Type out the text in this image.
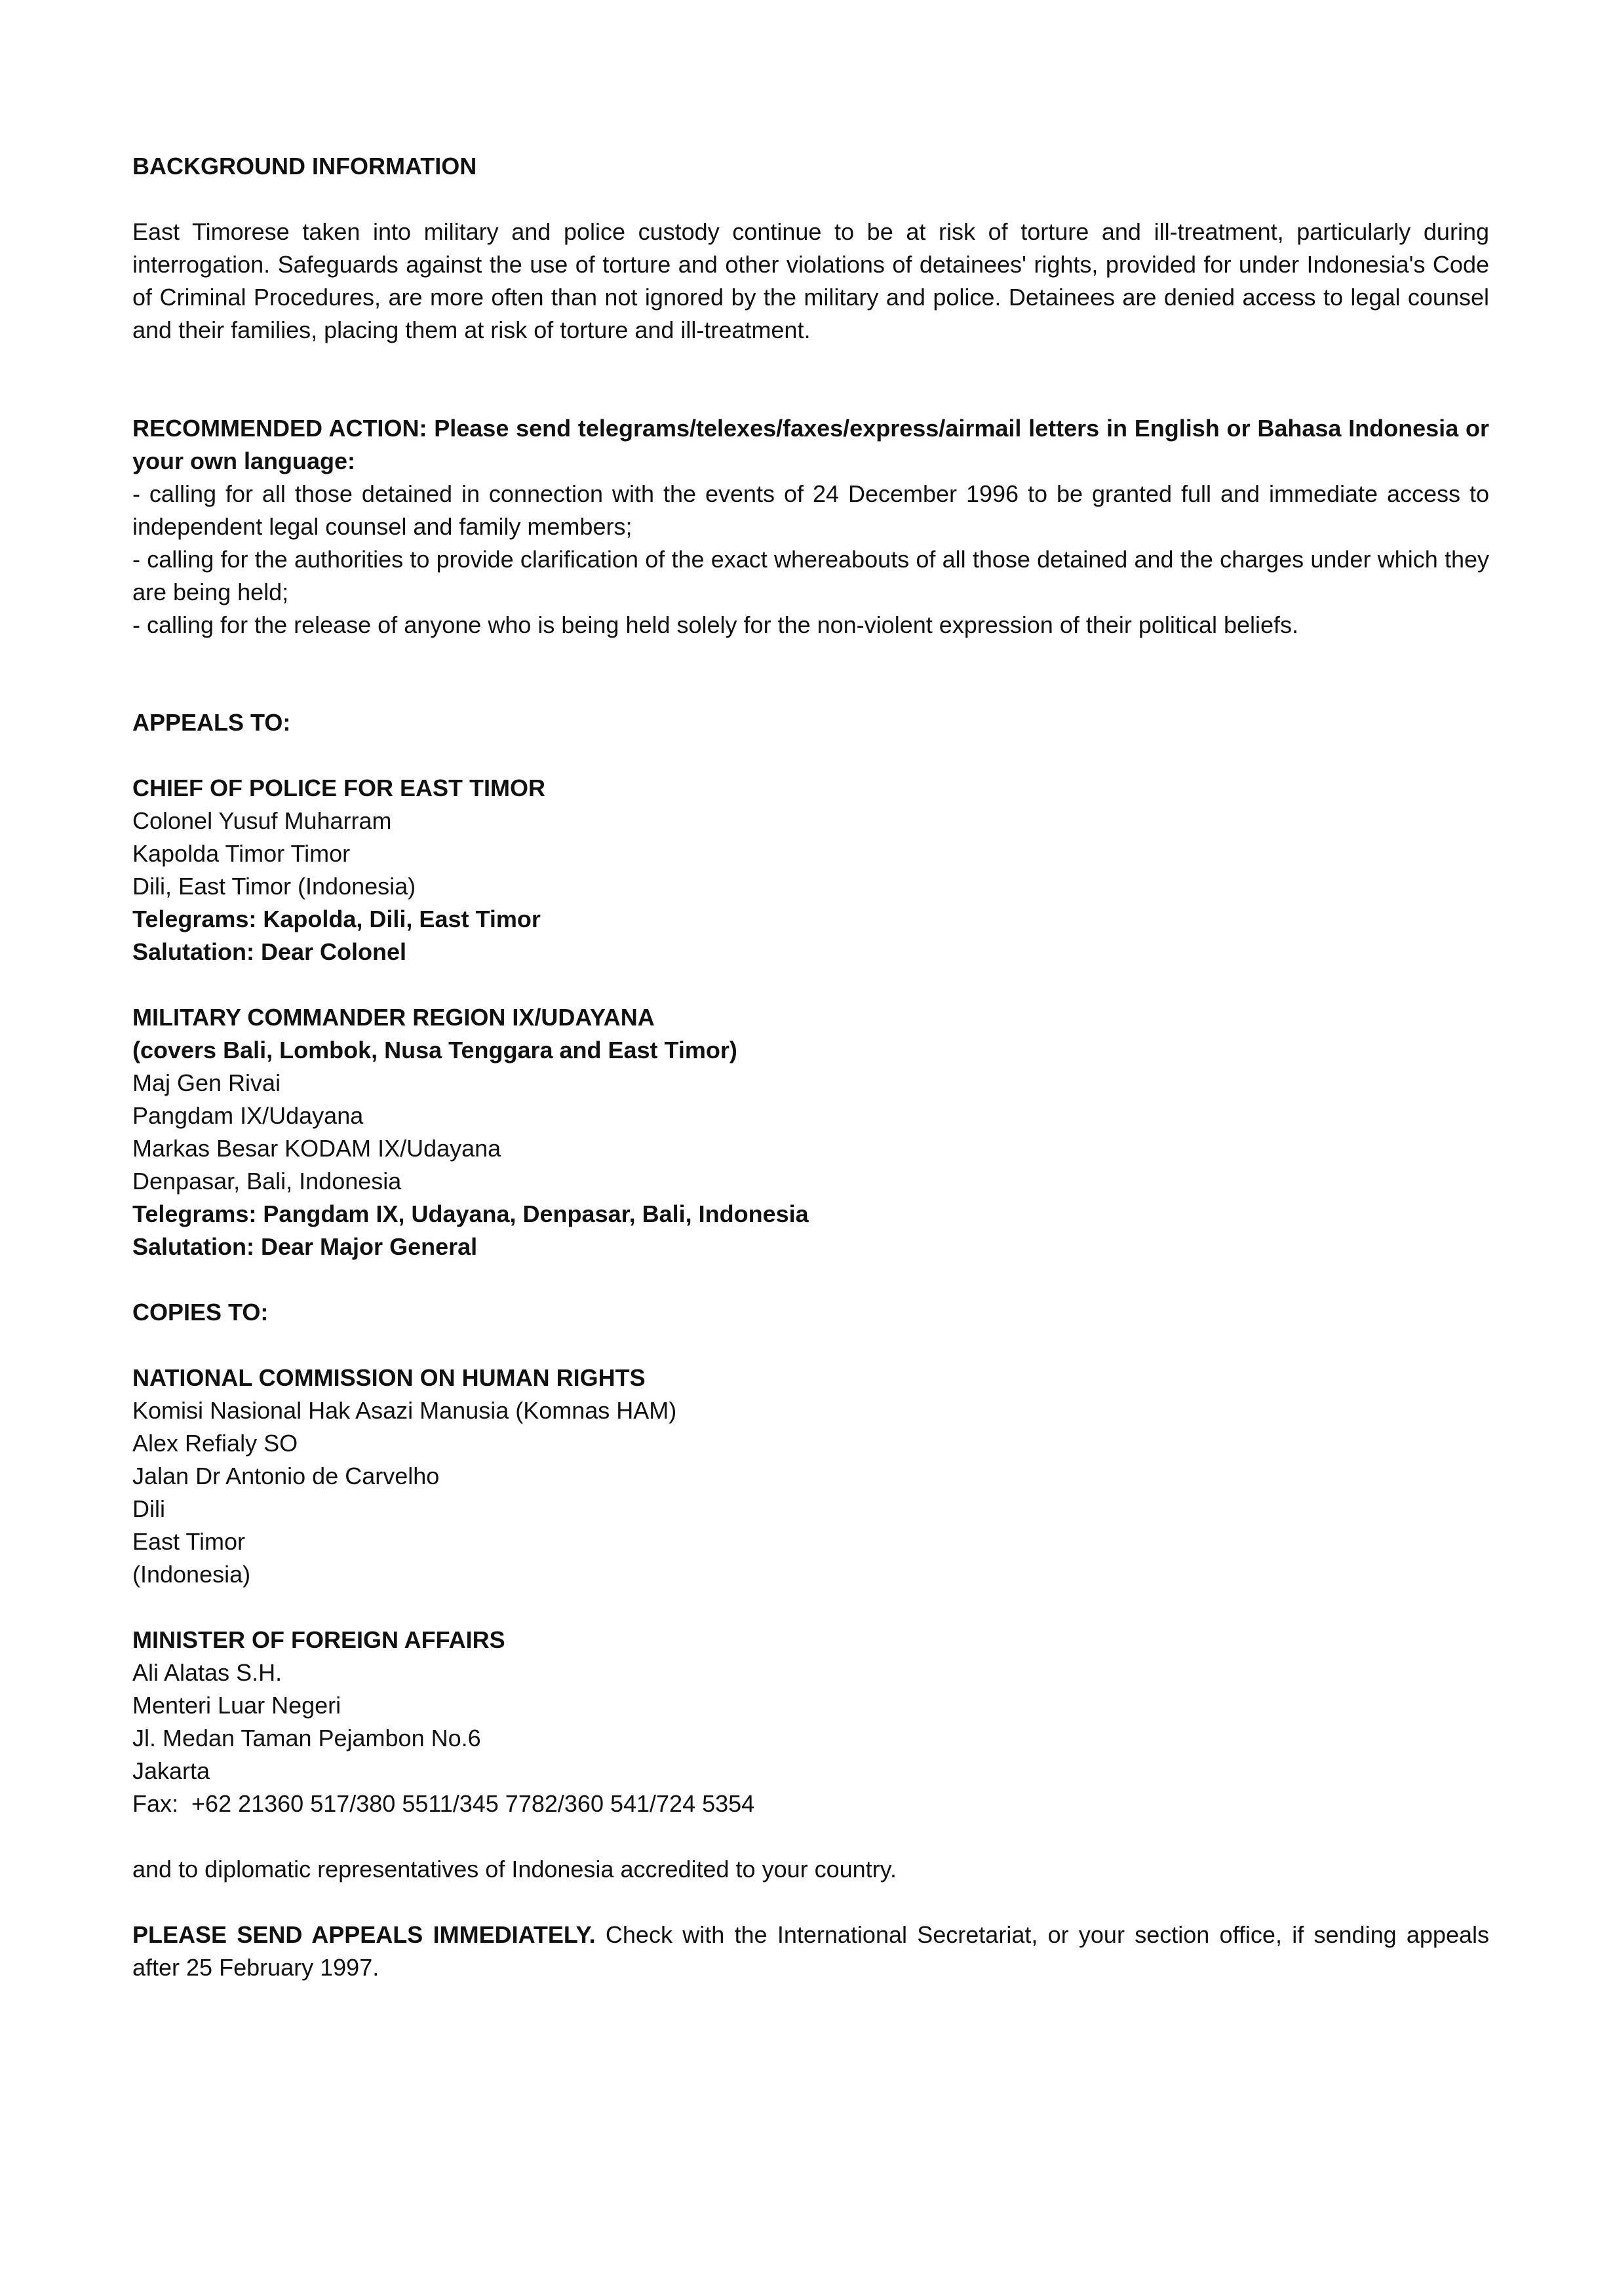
BACKGROUND INFORMATION

East Timorese taken into military and police custody continue to be at risk of torture and ill-treatment, particularly during interrogation. Safeguards against the use of torture and other violations of detainees' rights, provided for under Indonesia's Code of Criminal Procedures, are more often than not ignored by the military and police. Detainees are denied access to legal counsel and their families, placing them at risk of torture and ill-treatment.

RECOMMENDED ACTION: Please send telegrams/telexes/faxes/express/airmail letters in English or Bahasa Indonesia or your own language:

- calling for all those detained in connection with the events of 24 December 1996 to be granted full and immediate access to independent legal counsel and family members;

- calling for the authorities to provide clarification of the exact whereabouts of all those detained and the charges under which they are being held;

- calling for the release of anyone who is being held solely for the non-violent expression of their political beliefs.

APPEALS TO:

CHIEF OF POLICE FOR EAST TIMOR
Colonel Yusuf Muharram
Kapolda Timor Timor
Dili, East Timor (Indonesia)
Telegrams: Kapolda, Dili, East Timor
Salutation: Dear Colonel
MILITARY COMMANDER REGION IX/UDAYANA
(covers Bali, Lombok, Nusa Tenggara and East Timor)
Maj Gen Rivai
Pangdam IX/Udayana
Markas Besar KODAM IX/Udayana
Denpasar, Bali, Indonesia
Telegrams: Pangdam IX, Udayana, Denpasar, Bali, Indonesia
Salutation: Dear Major General

COPIES TO:

NATIONAL COMMISSION ON HUMAN RIGHTS
Komisi Nasional Hak Asazi Manusia (Komnas HAM)
Alex Refialy SO
Jalan Dr Antonio de Carvelho
Dili
East Timor
(Indonesia)
MINISTER OF FOREIGN AFFAIRS
Ali Alatas S.H.
Menteri Luar Negeri
Jl. Medan Taman Pejambon No.6
Jakarta
Fax:  +62 21360 517/380 5511/345 7782/360 541/724 5354

and to diplomatic representatives of Indonesia accredited to your country.

PLEASE SEND APPEALS IMMEDIATELY. Check with the International Secretariat, or your section office, if sending appeals after 25 February 1997.
